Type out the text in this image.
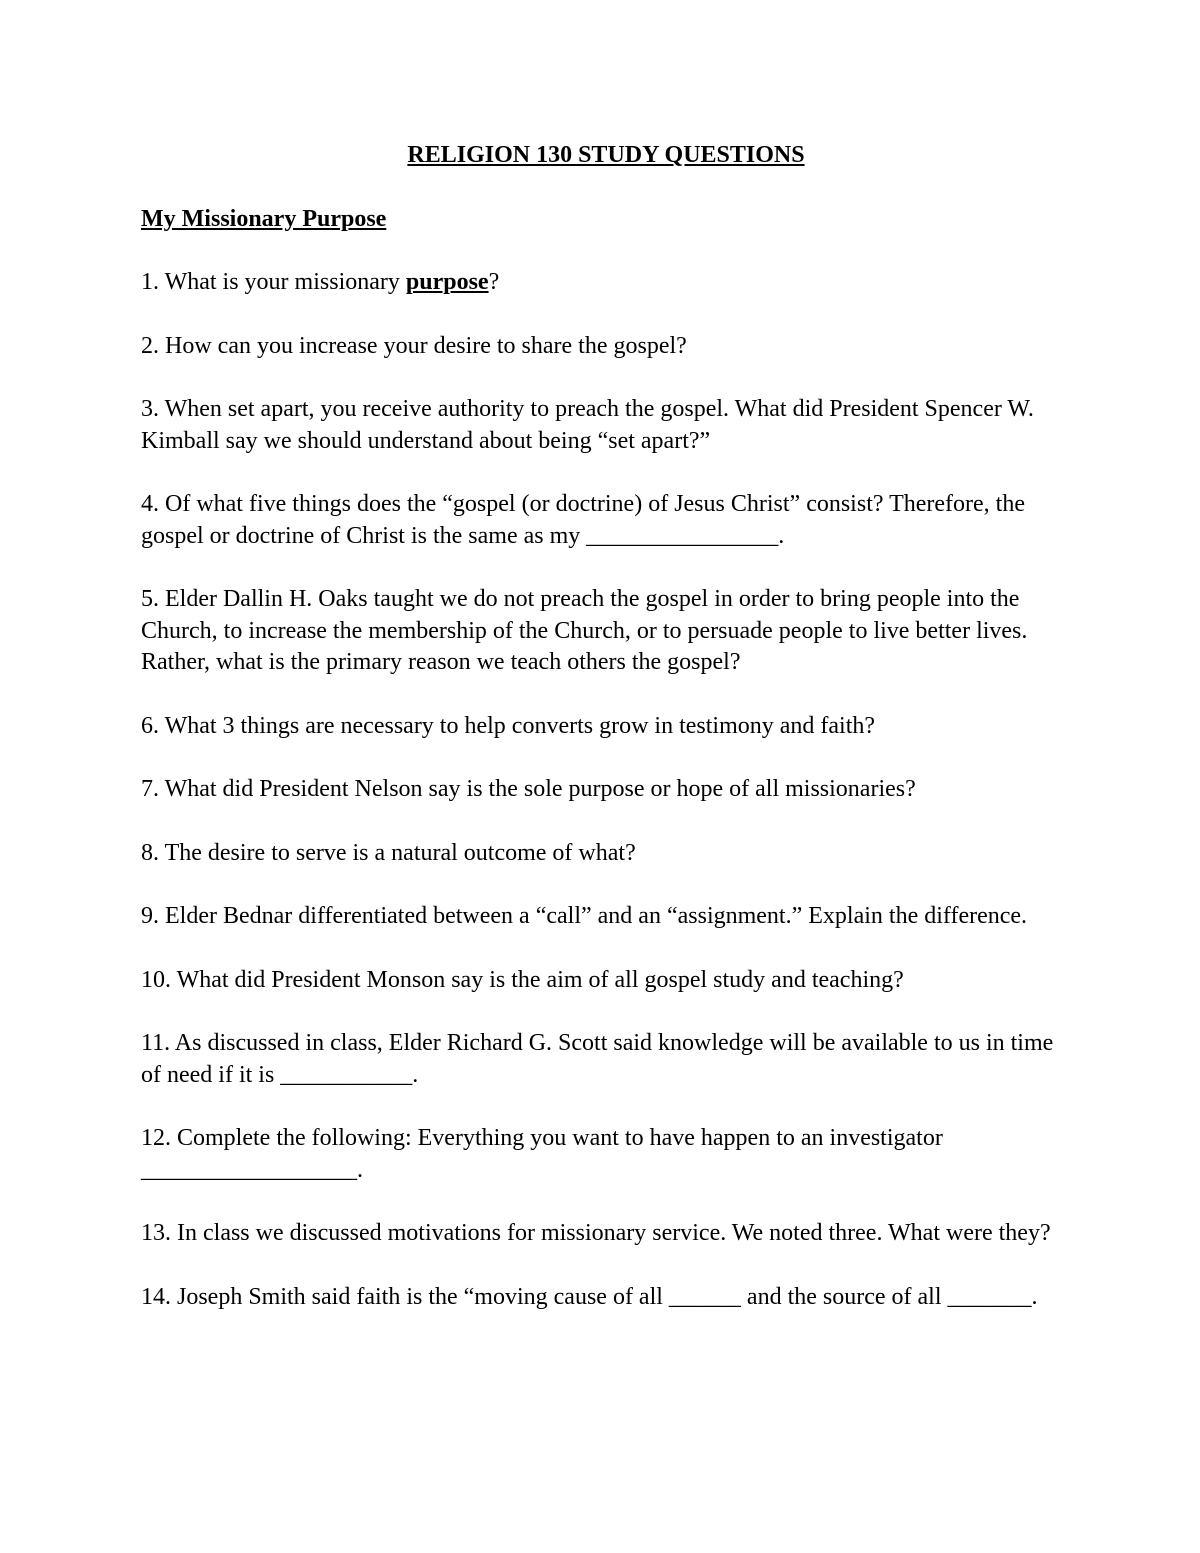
RELIGION 130 STUDY QUESTIONS
My Missionary Purpose
1. What is your missionary purpose?
2. How can you increase your desire to share the gospel?
3. When set apart, you receive authority to preach the gospel. What did President Spencer W. Kimball say we should understand about being “set apart?”
4. Of what five things does the “gospel (or doctrine) of Jesus Christ” consist? Therefore, the gospel or doctrine of Christ is the same as my ________________.
5. Elder Dallin H. Oaks taught we do not preach the gospel in order to bring people into the Church, to increase the membership of the Church, or to persuade people to live better lives. Rather, what is the primary reason we teach others the gospel?
6. What 3 things are necessary to help converts grow in testimony and faith?
7. What did President Nelson say is the sole purpose or hope of all missionaries?
8. The desire to serve is a natural outcome of what?
9. Elder Bednar differentiated between a “call” and an “assignment.” Explain the difference.
10. What did President Monson say is the aim of all gospel study and teaching?
11. As discussed in class, Elder Richard G. Scott said knowledge will be available to us in time of need if it is ___________.
12. Complete the following: Everything you want to have happen to an investigator __________________.
13. In class we discussed motivations for missionary service. We noted three. What were they?
14. Joseph Smith said faith is the “moving cause of all ______ and the source of all _______.
